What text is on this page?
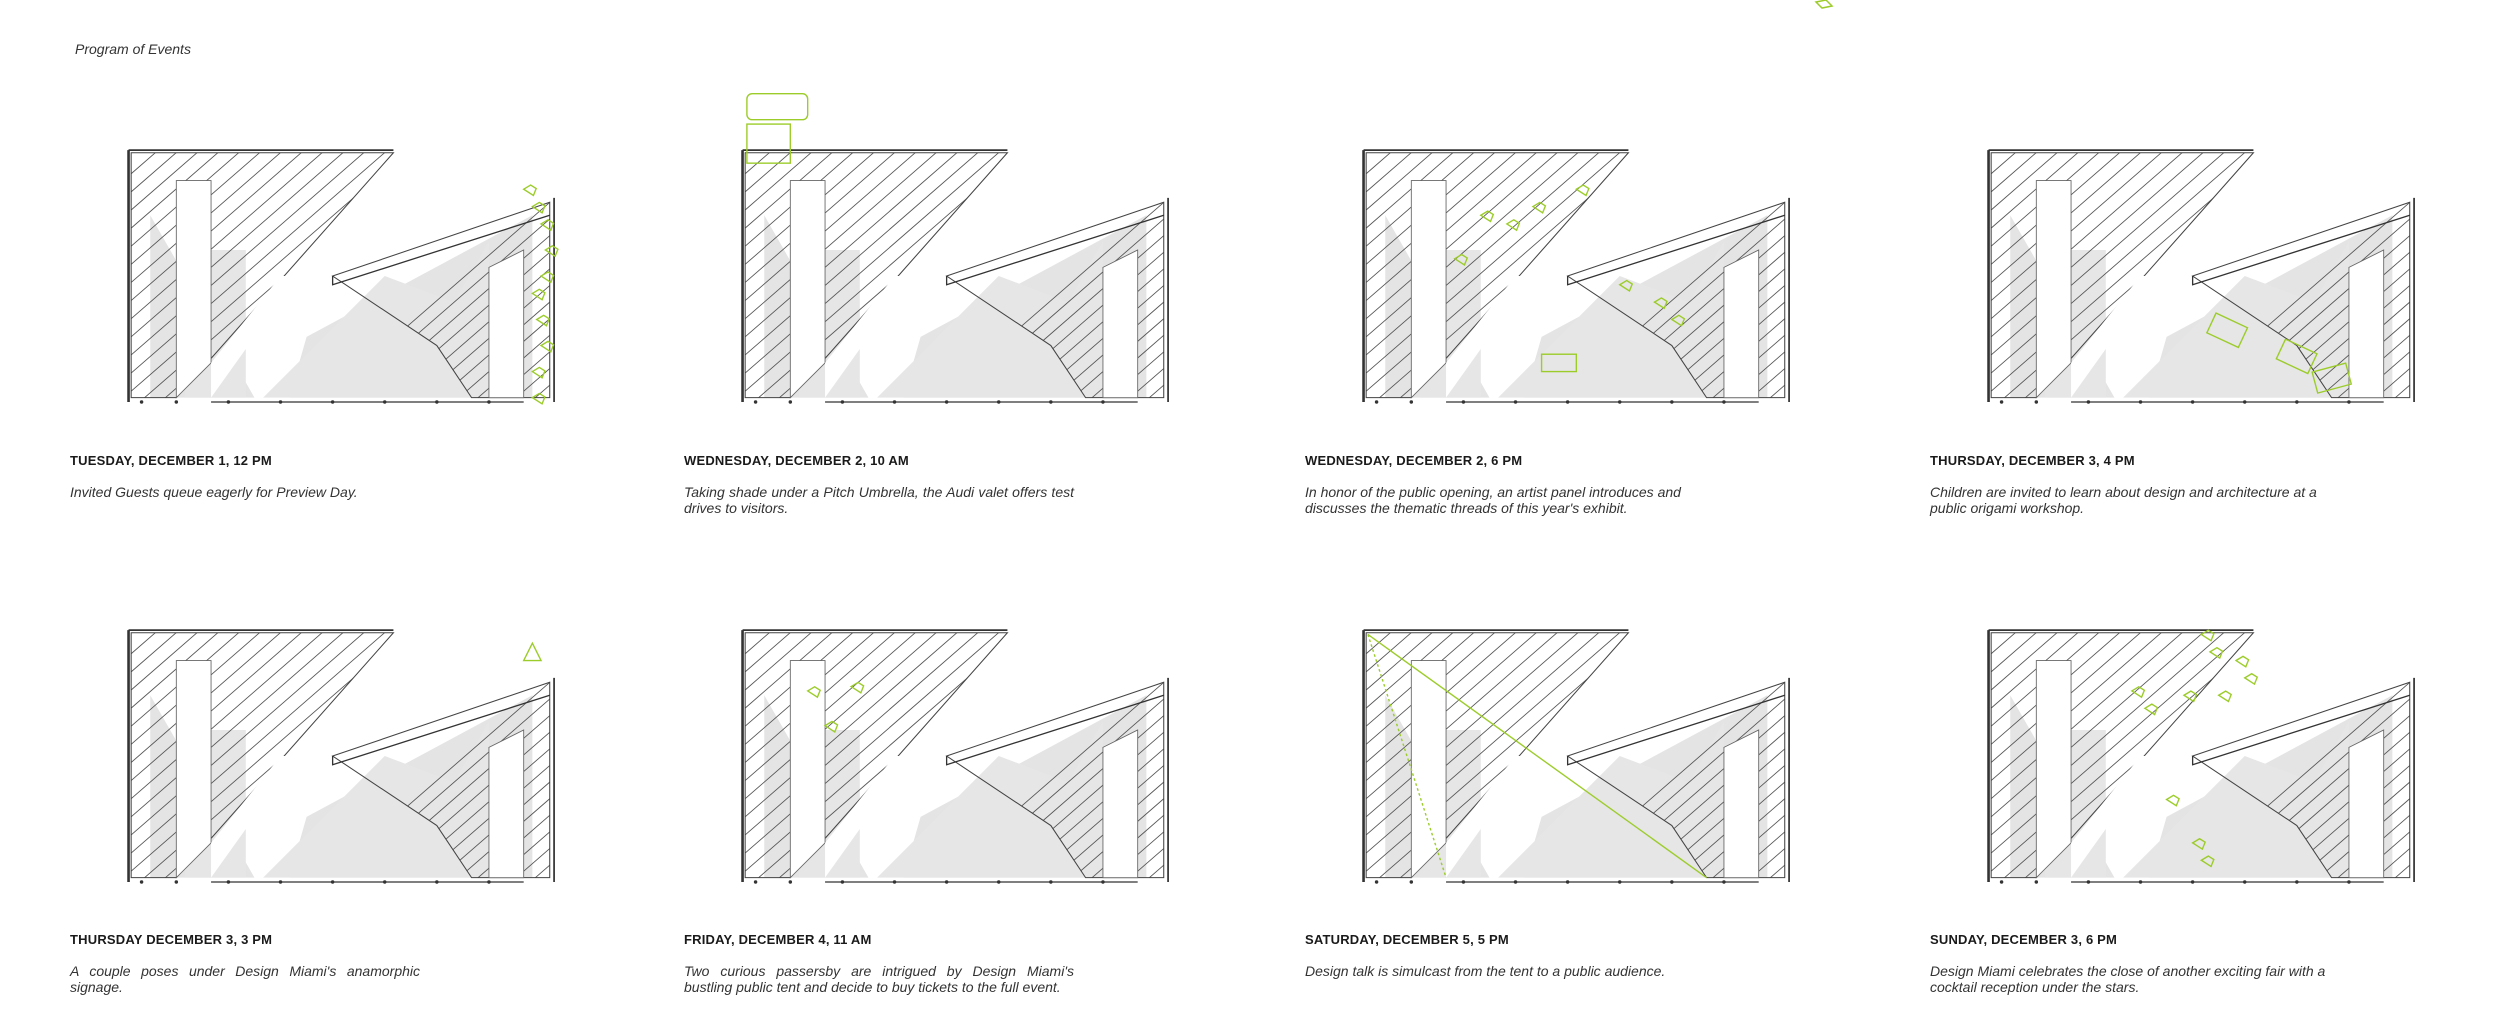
Program of Events
TUESDAY, DECEMBER 1, 12 PM
Invited Guests queue eagerly for Preview Day.
WEDNESDAY, DECEMBER 2, 10 AM
Taking shade under a Pitch Umbrella, the Audi valet offers test drives to visitors.
WEDNESDAY, DECEMBER 2, 6 PM
In honor of the public opening, an artist panel introduces and discusses the thematic threads of this year's exhibit.
THURSDAY, DECEMBER 3, 4 PM
Children are invited to learn about design and architecture at a public origami workshop.
THURSDAY DECEMBER 3, 3 PM
A couple poses under Design Miami's anamorphic signage.
FRIDAY, DECEMBER 4, 11 AM
Two curious passersby are intrigued by Design Miami's bustling public tent and decide to buy tickets to the full event.
SATURDAY, DECEMBER 5, 5 PM
Design talk is simulcast from the tent to a public audience.
SUNDAY, DECEMBER 3, 6 PM
Design Miami celebrates the close of another exciting fair with a cocktail reception under the stars.
